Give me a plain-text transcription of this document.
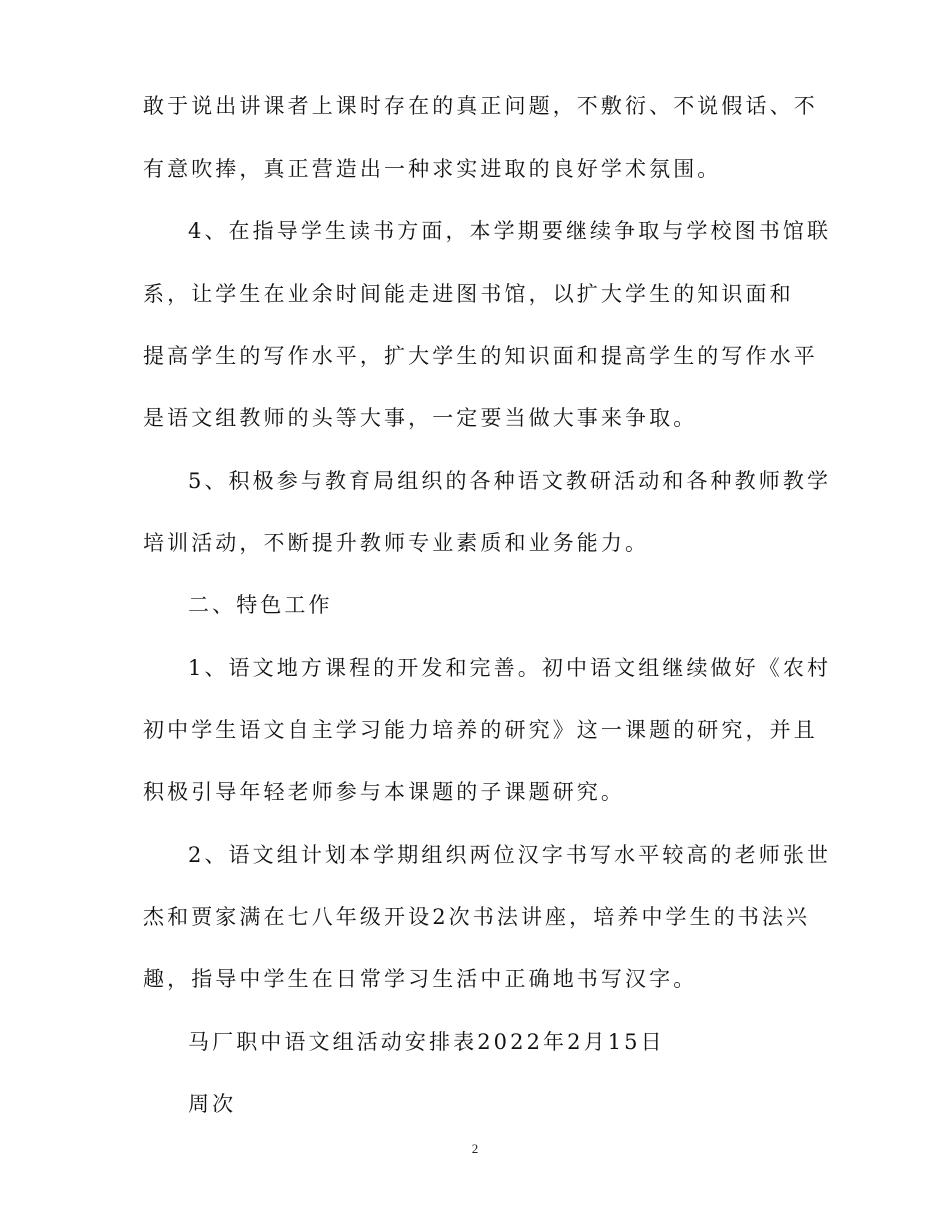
敢于说出讲课者上课时存在的真正问题，不敷衍、不说假话、不
有意吹捧，真正营造出一种求实进取的良好学术氛围。
4、在指导学生读书方面，本学期要继续争取与学校图书馆联
系，让学生在业余时间能走进图书馆，以扩大学生的知识面和
提高学生的写作水平，扩大学生的知识面和提高学生的写作水平
是语文组教师的头等大事，一定要当做大事来争取。
5、积极参与教育局组织的各种语文教研活动和各种教师教学
培训活动，不断提升教师专业素质和业务能力。
二、特色工作
1、语文地方课程的开发和完善。初中语文组继续做好《农村
初中学生语文自主学习能力培养的研究》这一课题的研究，并且
积极引导年轻老师参与本课题的子课题研究。
2、语文组计划本学期组织两位汉字书写水平较高的老师张世
杰和贾家满在七八年级开设2次书法讲座，培养中学生的书法兴
趣，指导中学生在日常学习生活中正确地书写汉字。
马厂职中语文组活动安排表2022年2月15日
周次
2
